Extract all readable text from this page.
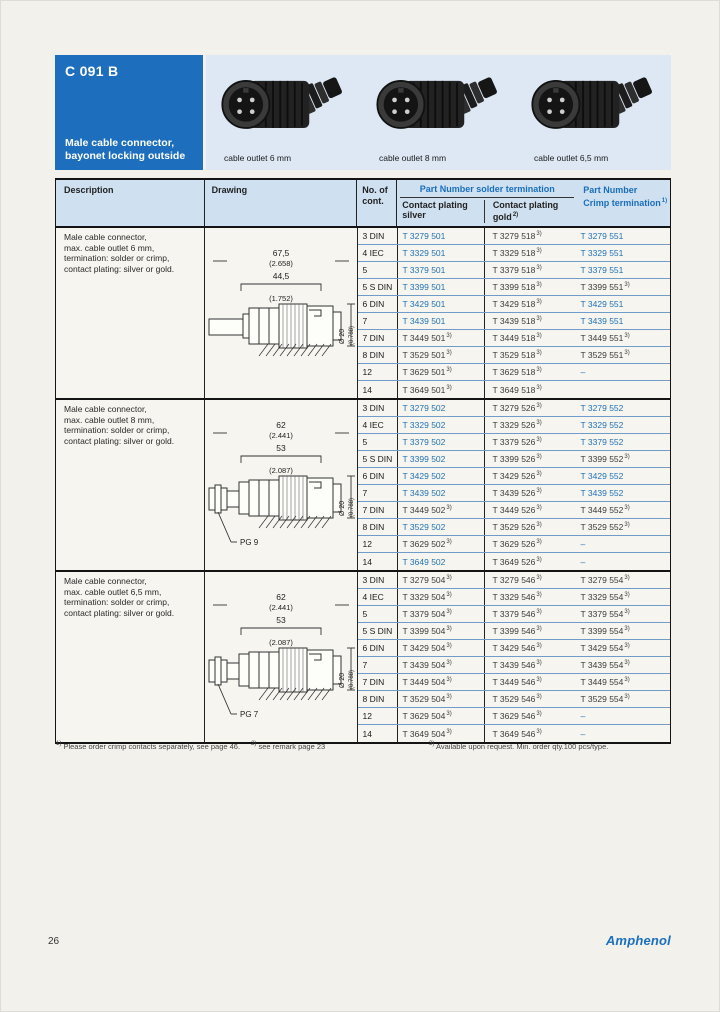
C 091 B
Male cable connector,
bayonet locking outside	cable outlet 6 mm	cable outlet 8 mm	cable outlet 6,5 mm
Description	Drawing	No. of
cont.
Part Number solder termination
Contact plating
silver
Contact plating
gold$^{2)}$
Part Number
Crimp termination$^{1)}$
Male cable connector,
max. cable outlet 6 mm,
termination: solder or crimp,
contact plating: silver or gold.
67,5
(2.658)
44,5
(1.752)
Ø 20 (0.788)
3 DIN T 3279 501	T 3279 518$^{3)}$	T 3279 551
4 IEC T 3329 501	T 3329 518$^{3)}$	T 3329 551
5	T 3379 501	T 3379 518$^{3)}$	T 3379 551
5 S DIN T 3399 501	T 3399 518$^{3)}$	T 3399 551$^{3)}$
6 DIN T 3429 501	T 3429 518$^{3)}$	T 3429 551
7	T 3439 501	T 3439 518$^{3)}$	T 3439 551
7 DIN T 3449 501$^{3)}$	T 3449 518$^{3)}$	T 3449 551$^{3)}$
8 DIN T 3529 501$^{3)}$	T 3529 518$^{3)}$	T 3529 551$^{3)}$
12	T 3629 501$^{3)}$	T 3629 518$^{3)}$	–
14	T 3649 501$^{3)}$	T 3649 518$^{3)}$
Male cable connector,
max. cable outlet 8 mm,
termination: solder or crimp,
contact plating: silver or gold.
62
(2.441)
53
(2.087)
Ø 20 (0.788)
PG 9
3 DIN T 3279 502	T 3279 526$^{3)}$	T 3279 552
4 IEC T 3329 502	T 3329 526$^{3)}$	T 3329 552
5	T 3379 502	T 3379 526$^{3)}$	T 3379 552
5 S DIN T 3399 502	T 3399 526$^{3)}$	T 3399 552$^{3)}$
6 DIN T 3429 502	T 3429 526$^{3)}$	T 3429 552
7	T 3439 502	T 3439 526$^{3)}$	T 3439 552
7 DIN T 3449 502$^{3)}$	T 3449 526$^{3)}$	T 3449 552$^{3)}$
8 DIN T 3529 502	T 3529 526$^{3)}$	T 3529 552$^{3)}$
12	T 3629 502$^{3)}$	T 3629 526$^{3)}$	–
14	T 3649 502	T 3649 526$^{3)}$	–
Male cable connector,
max. cable outlet 6,5 mm,
termination: solder or crimp,
contact plating: silver or gold.
62
(2.441)
53
(2.087)
Ø 20 (0.788)
PG 7
3 DIN T 3279 504$^{3)}$	T 3279 546$^{3)}$	T 3279 554$^{3)}$
4 IEC T 3329 504$^{3)}$	T 3329 546$^{3)}$	T 3329 554$^{3)}$
5	T 3379 504$^{3)}$	T 3379 546$^{3)}$	T 3379 554$^{3)}$
5 S DIN T 3399 504$^{3)}$	T 3399 546$^{3)}$	T 3399 554$^{3)}$
6 DIN T 3429 504$^{3)}$	T 3429 546$^{3)}$	T 3429 554$^{3)}$
7	T 3439 504$^{3)}$	T 3439 546$^{3)}$	T 3439 554$^{3)}$
7 DIN T 3449 504$^{3)}$	T 3449 546$^{3)}$	T 3449 554$^{3)}$
8 DIN T 3529 504$^{3)}$	T 3529 546$^{3)}$	T 3529 554$^{3)}$
12	T 3629 504$^{3)}$	T 3629 546$^{3)}$	–
14	T 3649 504$^{3)}$	T 3649 546$^{3)}$	–
$^{1)}$ Please order crimp contacts separately, see page 46. $^{2)}$ see remark page 23	$^{3)}$ Available upon request. Min. order qty.100 pcs/type.
26	Amphenol
